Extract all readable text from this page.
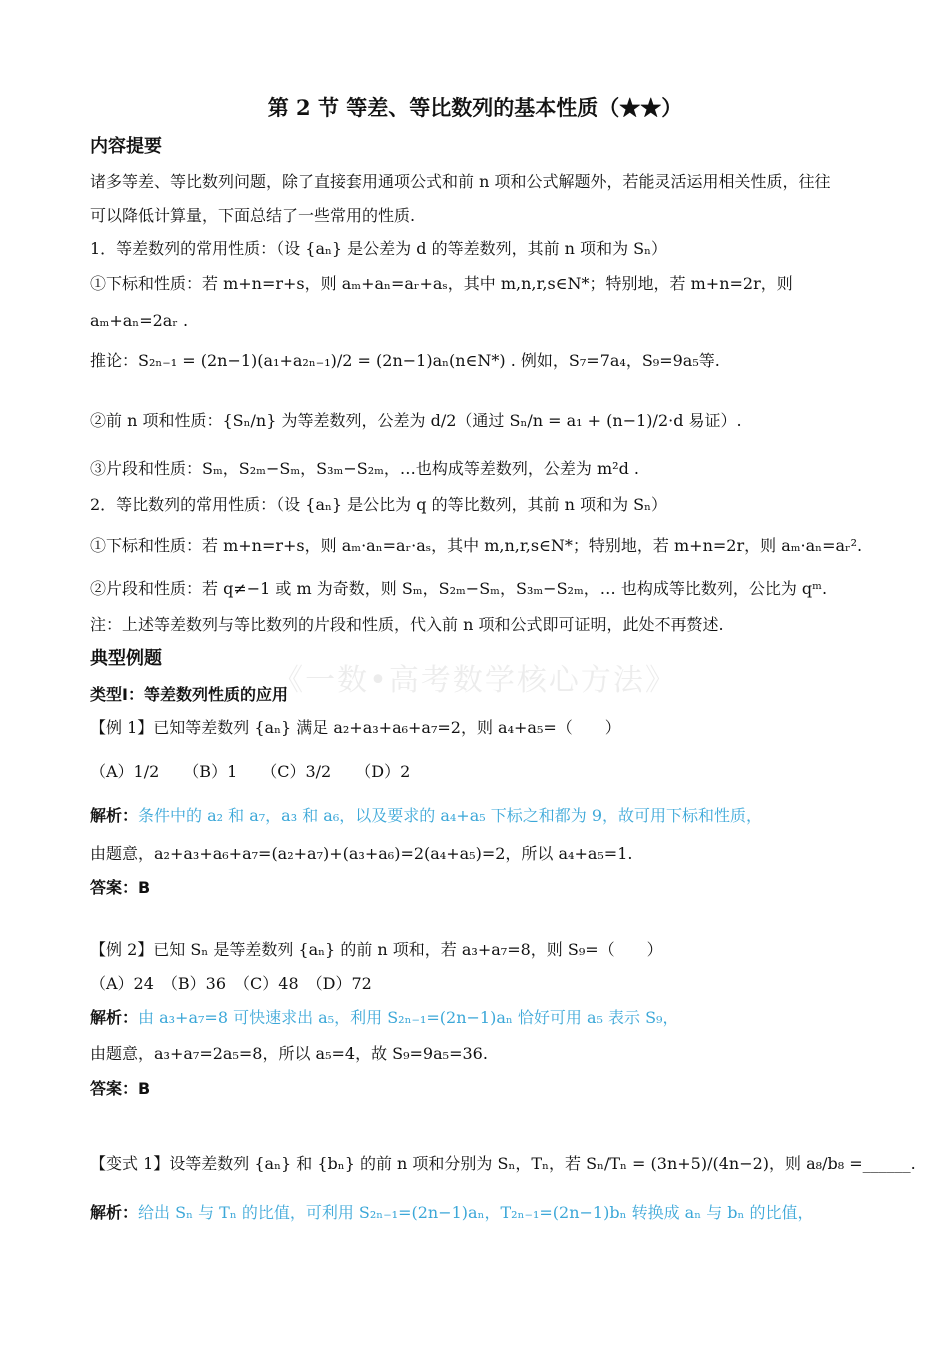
第 2 节 等差、等比数列的基本性质（★★）
《一数•高考数学核心方法》
内容提要
诸多等差、等比数列问题，除了直接套用通项公式和前 n 项和公式解题外，若能灵活运用相关性质，往往
可以降低计算量，下面总结了一些常用的性质.
1．等差数列的常用性质：（设 {aₙ} 是公差为 d 的等差数列，其前 n 项和为 Sₙ）
①下标和性质：若 m+n=r+s，则 aₘ+aₙ=aᵣ+aₛ，其中 m,n,r,s∈N*；特别地，若 m+n=2r，则
aₘ+aₙ=2aᵣ .
推论：S₂ₙ₋₁ = (2n−1)(a₁+a₂ₙ₋₁)/2 = (2n−1)aₙ(n∈N*) . 例如，S₇=7a₄，S₉=9a₅等.
②前 n 项和性质：{Sₙ/n} 为等差数列，公差为 d/2（通过 Sₙ/n = a₁ + (n−1)/2·d 易证）.
③片段和性质：Sₘ，S₂ₘ−Sₘ，S₃ₘ−S₂ₘ，…也构成等差数列，公差为 m²d .
2．等比数列的常用性质：（设 {aₙ} 是公比为 q 的等比数列，其前 n 项和为 Sₙ）
①下标和性质：若 m+n=r+s，则 aₘ·aₙ=aᵣ·aₛ，其中 m,n,r,s∈N*；特别地，若 m+n=2r，则 aₘ·aₙ=aᵣ².
②片段和性质：若 q≠−1 或 m 为奇数，则 Sₘ，S₂ₘ−Sₘ，S₃ₘ−S₂ₘ，… 也构成等比数列，公比为 qᵐ.
注：上述等差数列与等比数列的片段和性质，代入前 n 项和公式即可证明，此处不再赘述.
典型例题
类型Ⅰ：等差数列性质的应用
【例 1】已知等差数列 {aₙ} 满足 a₂+a₃+a₆+a₇=2，则 a₄+a₅=（　　）
（A）1/2　　（B）1　　（C）3/2　　（D）2
解析：条件中的 a₂ 和 a₇，a₃ 和 a₆，以及要求的 a₄+a₅ 下标之和都为 9，故可用下标和性质，
由题意，a₂+a₃+a₆+a₇=(a₂+a₇)+(a₃+a₆)=2(a₄+a₅)=2，所以 a₄+a₅=1.
答案：B
【例 2】已知 Sₙ 是等差数列 {aₙ} 的前 n 项和，若 a₃+a₇=8，则 S₉=（　　）
（A）24　（B）36　（C）48　（D）72
解析：由 a₃+a₇=8 可快速求出 a₅，利用 S₂ₙ₋₁=(2n−1)aₙ 恰好可用 a₅ 表示 S₉，
由题意，a₃+a₇=2a₅=8，所以 a₅=4，故 S₉=9a₅=36.
答案：B
【变式 1】设等差数列 {aₙ} 和 {bₙ} 的前 n 项和分别为 Sₙ，Tₙ，若 Sₙ/Tₙ = (3n+5)/(4n−2)，则 a₈/b₈ =______.
解析：给出 Sₙ 与 Tₙ 的比值，可利用 S₂ₙ₋₁=(2n−1)aₙ，T₂ₙ₋₁=(2n−1)bₙ 转换成 aₙ 与 bₙ 的比值，
